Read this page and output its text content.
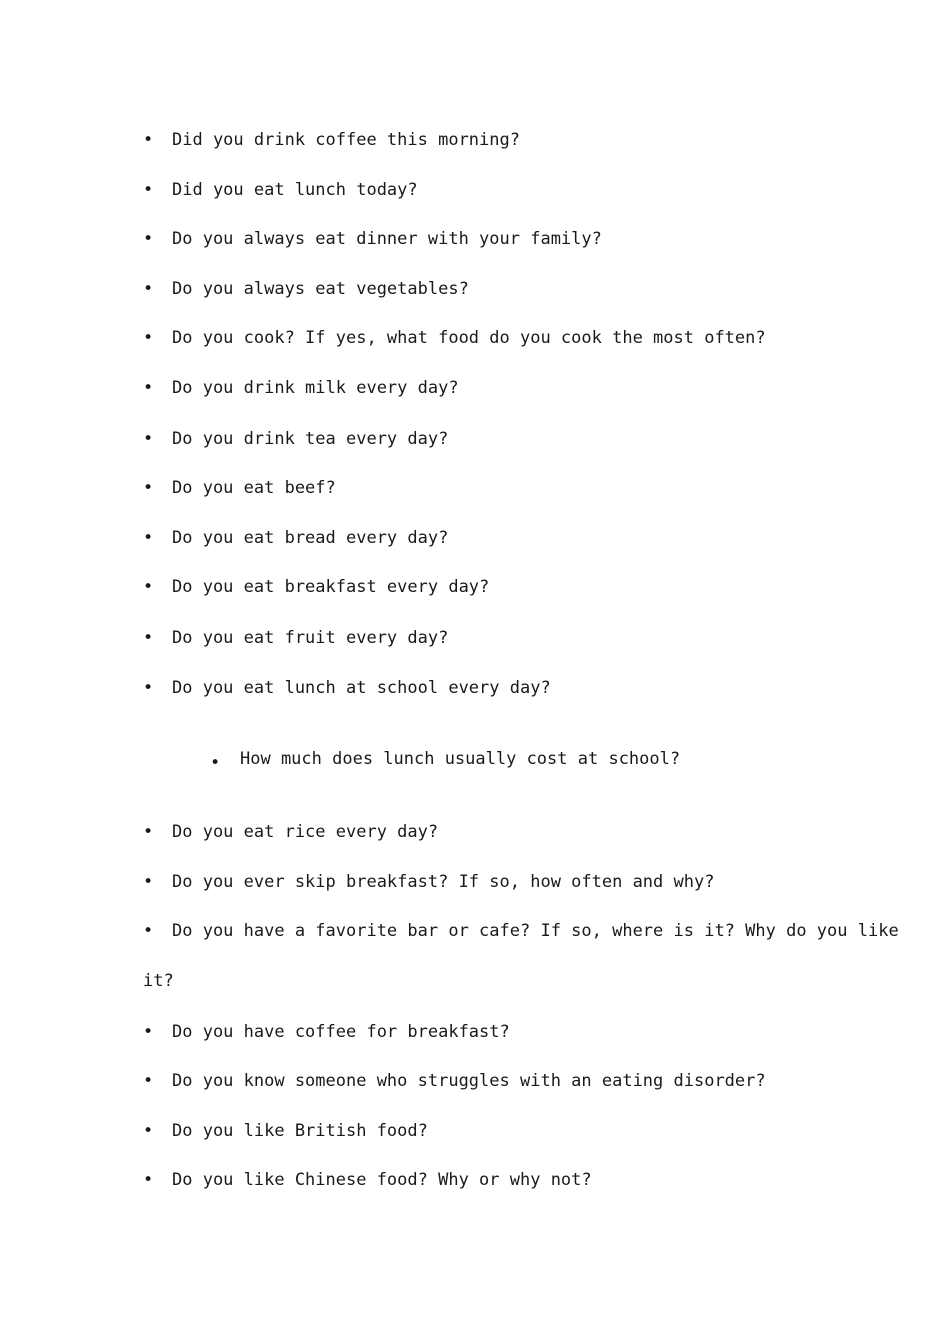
• Did you drink coffee this morning?
• Did you eat lunch today?
• Do you always eat dinner with your family?
• Do you always eat vegetables?
• Do you cook? If yes, what food do you cook the most often?
• Do you drink milk every day?
• Do you drink tea every day?
• Do you eat beef?
• Do you eat bread every day?
• Do you eat breakfast every day?
• Do you eat fruit every day?
• Do you eat lunch at school every day?
• How much does lunch usually cost at school?
• Do you eat rice every day?
• Do you ever skip breakfast? If so, how often and why?
• Do you have a favorite bar or cafe? If so, where is it? Why do you like
it?
• Do you have coffee for breakfast?
• Do you know someone who struggles with an eating disorder?
• Do you like British food?
• Do you like Chinese food? Why or why not?
